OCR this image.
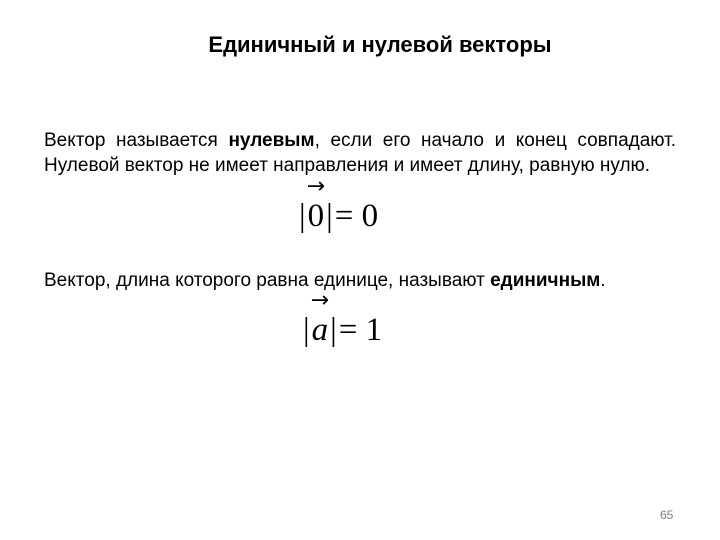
Единичный и нулевой векторы
Вектор называется нулевым, если его начало и конец совпадают. Нулевой вектор не имеет направления и имеет длину, равную нулю.
|
→
0|= 0
Вектор, длина которого равна единице, называют единичным.
|
→
a|= 1
65
